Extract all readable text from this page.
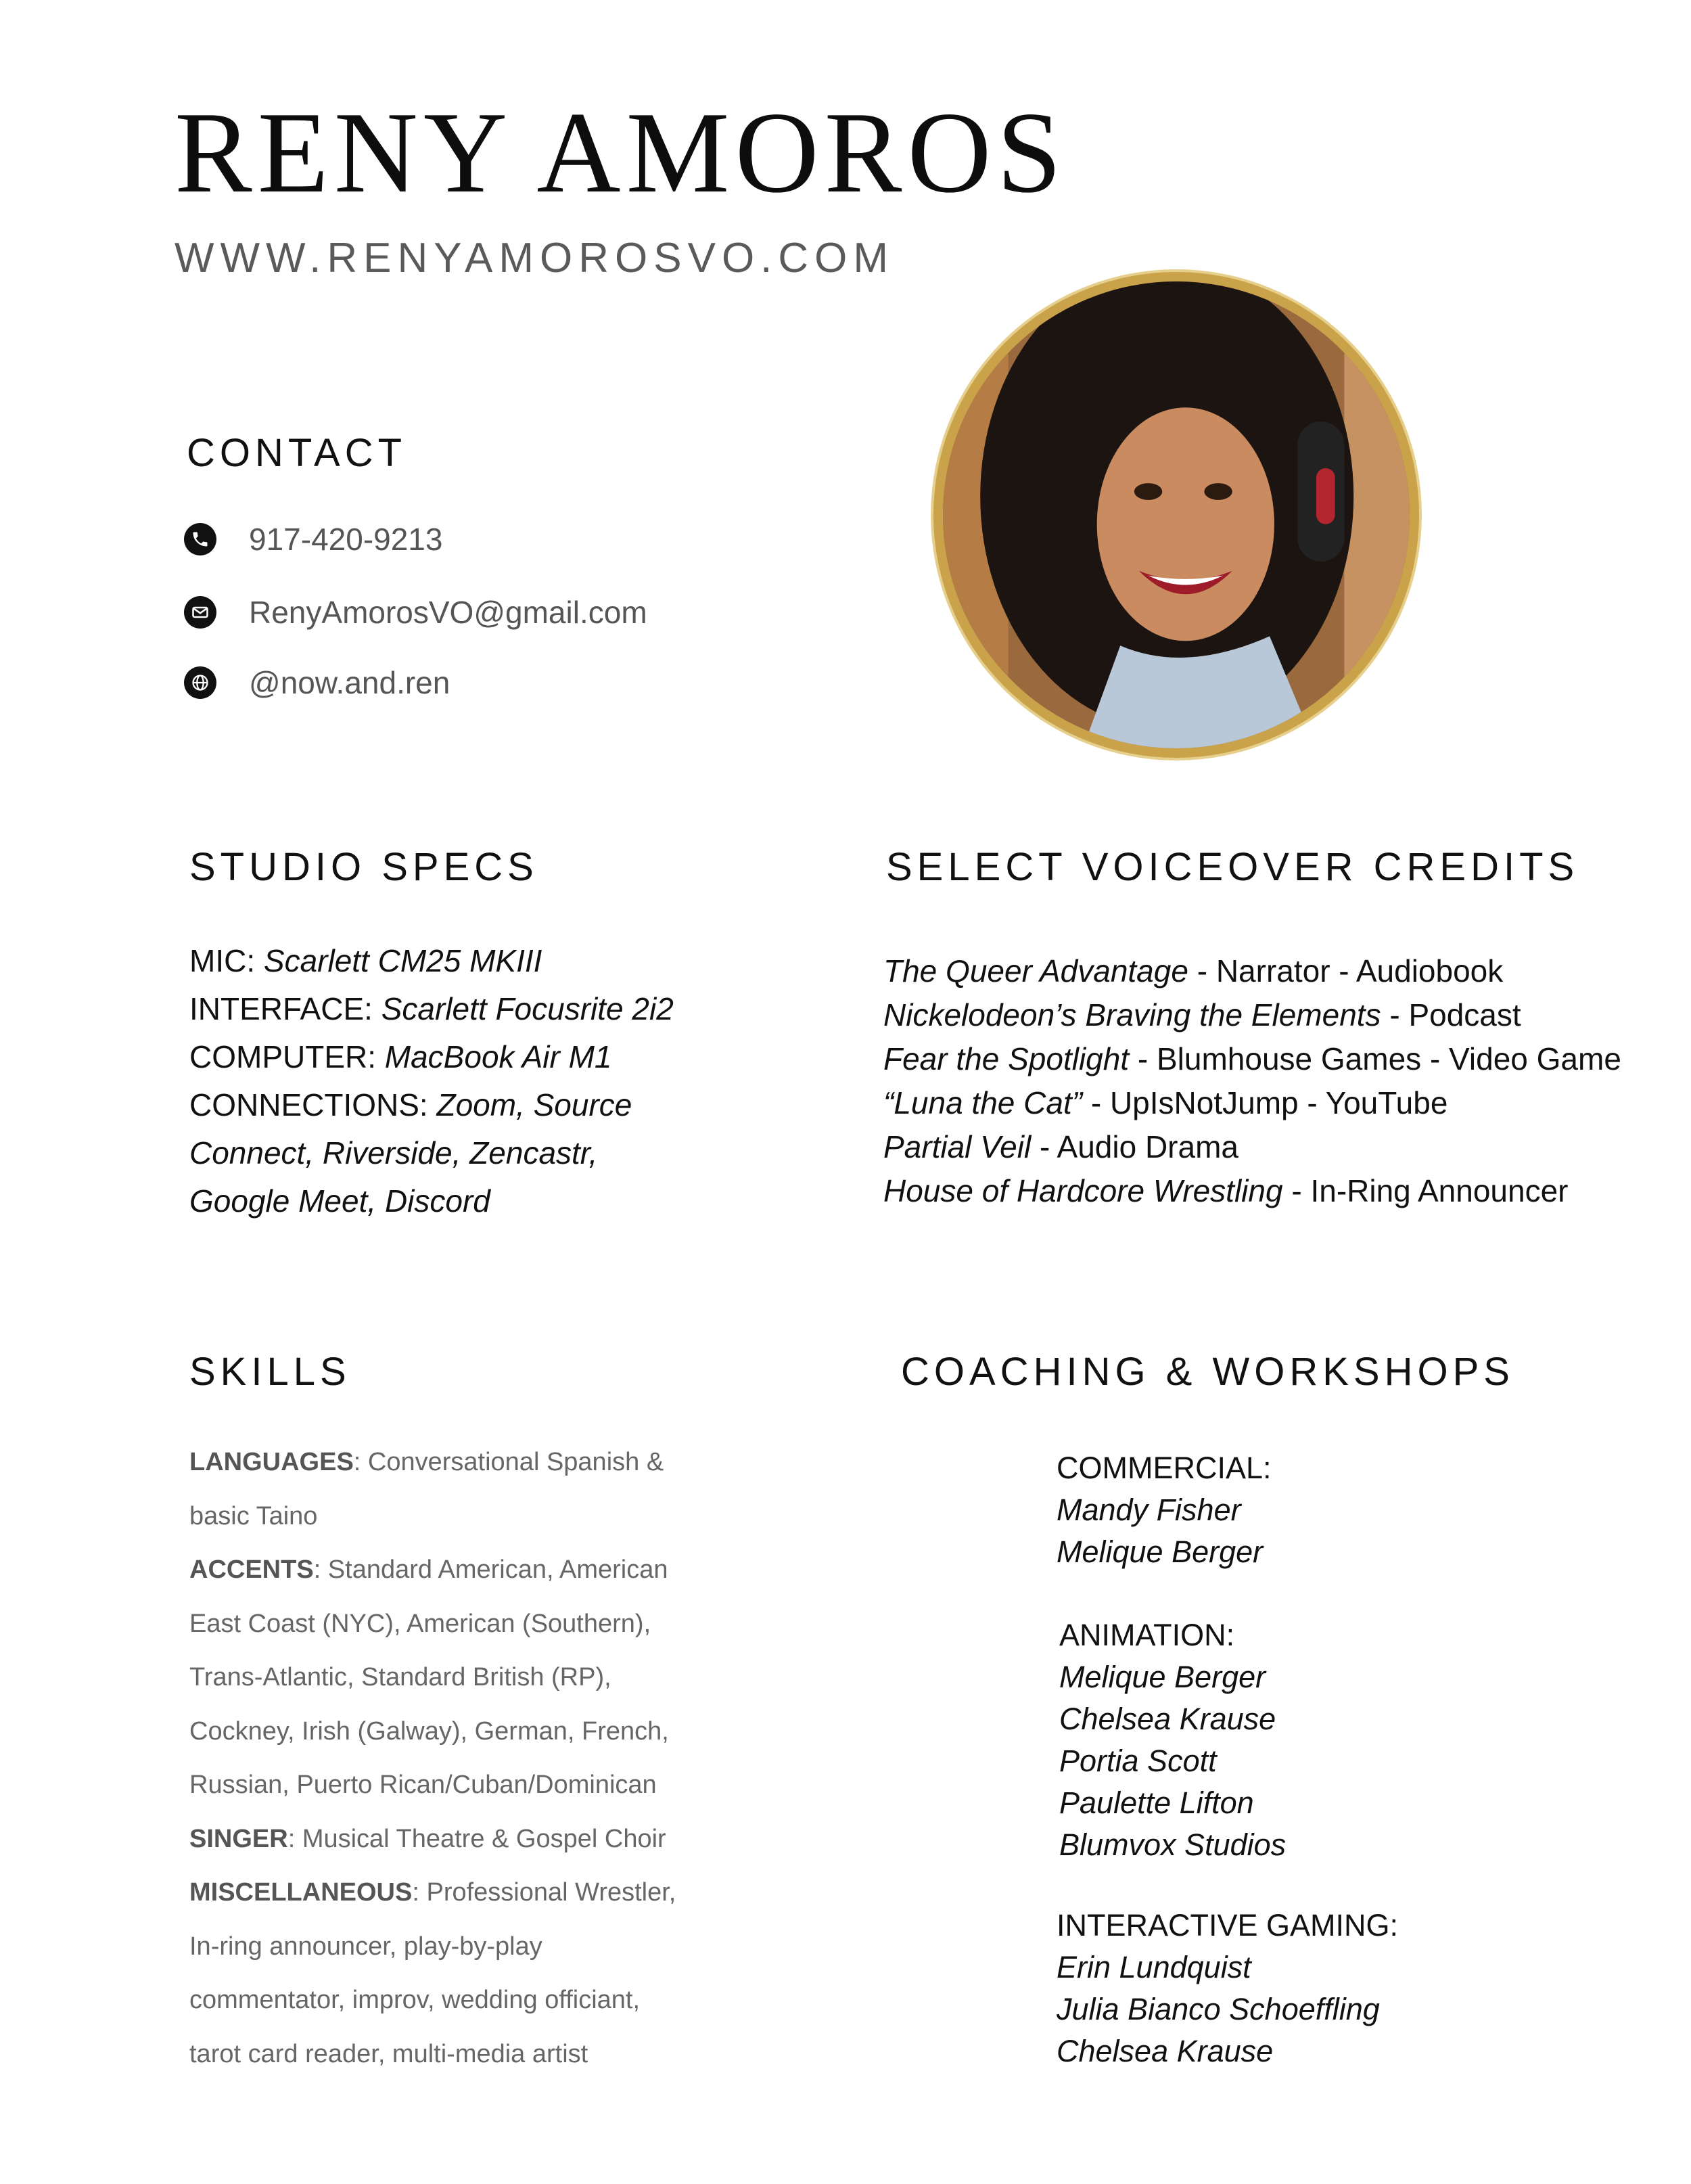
RENY AMOROS
WWW.RENYAMOROSVO.COM
CONTACT
917-420-9213
RenyAmorosVO@gmail.com
@now.and.ren
STUDIO SPECS
MIC: Scarlett CM25 MKIII
INTERFACE: Scarlett Focusrite 2i2
COMPUTER: MacBook Air M1
CONNECTIONS: Zoom, Source
Connect, Riverside, Zencastr,
Google Meet, Discord
SELECT VOICEOVER CREDITS
The Queer Advantage - Narrator - Audiobook
Nickelodeon’s Braving the Elements - Podcast
Fear the Spotlight - Blumhouse Games - Video Game
“Luna the Cat” - UpIsNotJump - YouTube
Partial Veil - Audio Drama
House of Hardcore Wrestling - In-Ring Announcer
SKILLS
LANGUAGES: Conversational Spanish & basic Taino
ACCENTS: Standard American, American East Coast (NYC), American (Southern), Trans-Atlantic, Standard British (RP), Cockney, Irish (Galway), German, French, Russian, Puerto Rican/Cuban/Dominican
SINGER: Musical Theatre & Gospel Choir
MISCELLANEOUS: Professional Wrestler, In-ring announcer, play-by-play commentator, improv, wedding officiant, tarot card reader, multi-media artist
COACHING & WORKSHOPS
COMMERCIAL:
Mandy Fisher
Melique Berger
ANIMATION:
Melique Berger
Chelsea Krause
Portia Scott
Paulette Lifton
Blumvox Studios
INTERACTIVE GAMING:
Erin Lundquist
Julia Bianco Schoeffling
Chelsea Krause
